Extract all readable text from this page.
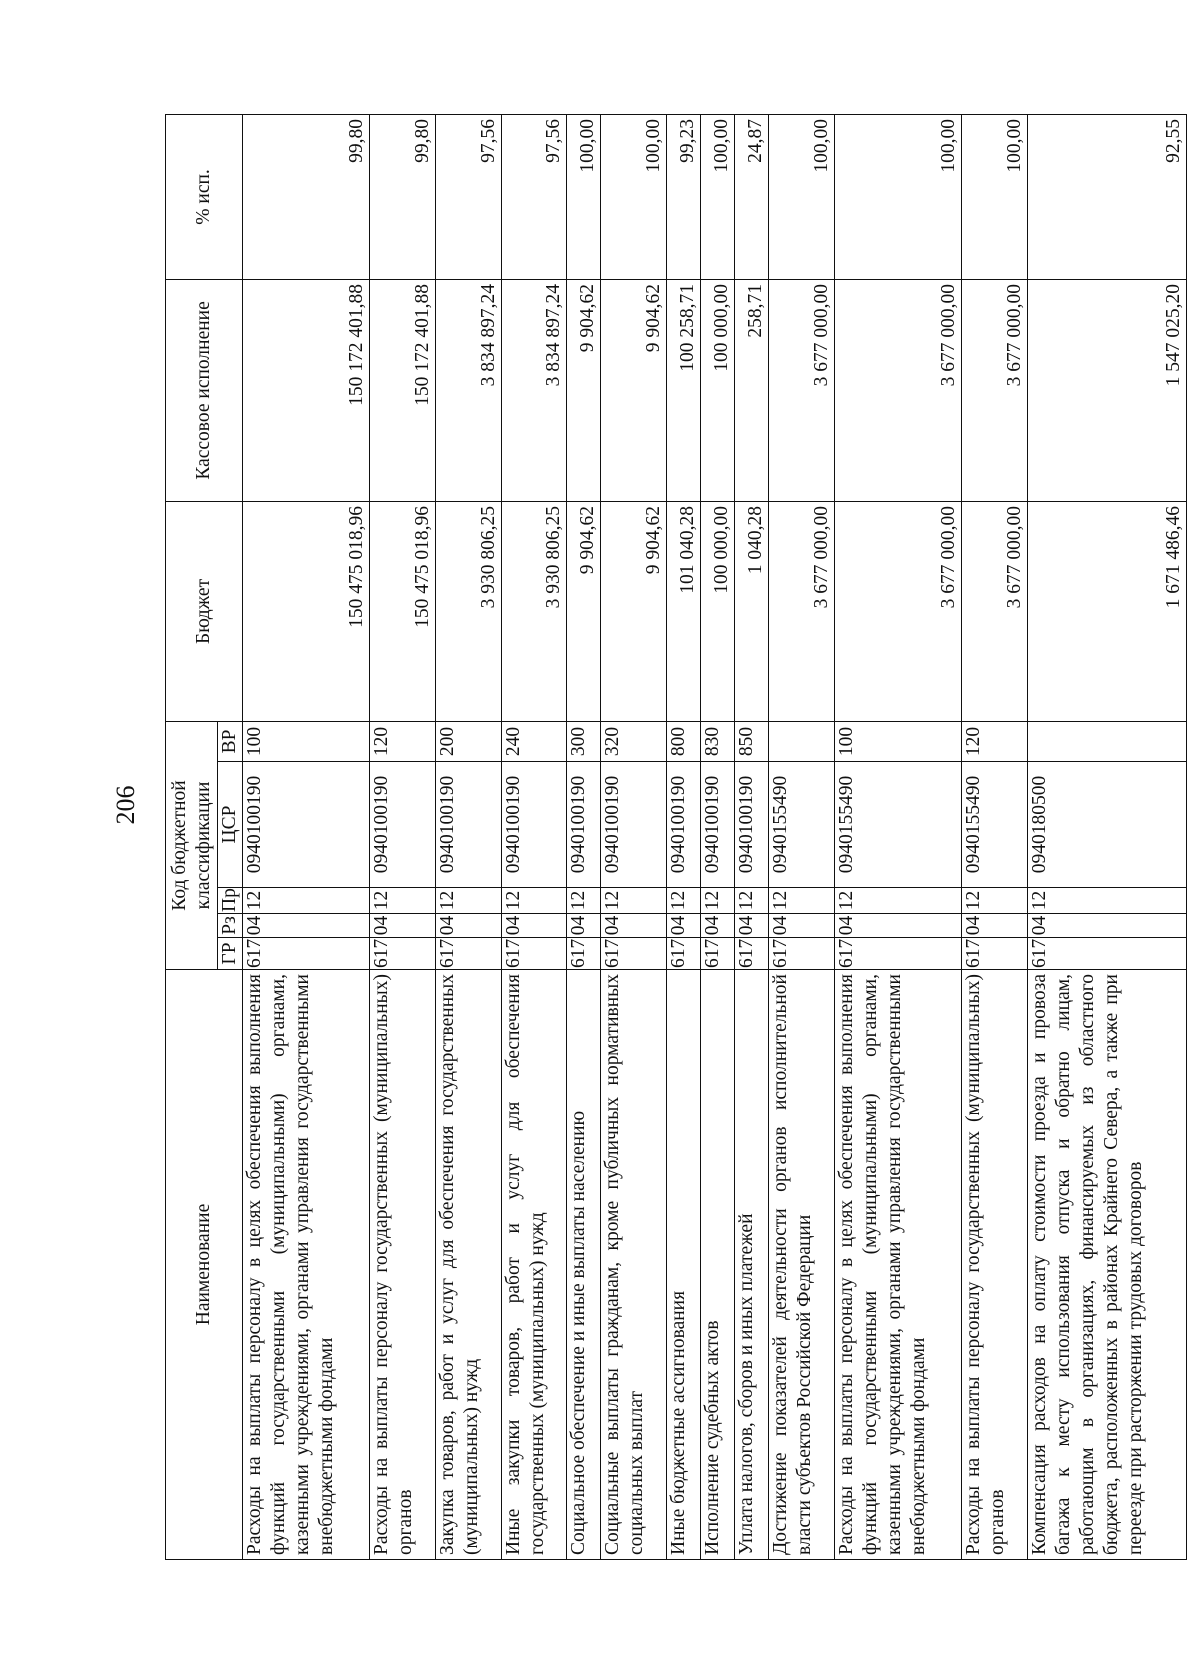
206
Наименование	Код бюджетной классификации					Бюджет	Кассовое исполнение	% исп.
	ГР	Рз	Пр	ЦСР	ВР			
Расходы на выплаты персоналу в целях обеспечения выполнения функций государственными (муниципальными) органами, казенными учреждениями, органами управления государственными внебюджетными фондами	617	04	12	0940100190	100	150 475 018,96	150 172 401,88	99,80
Расходы на выплаты персоналу государственных (муниципальных) органов	617	04	12	0940100190	120	150 475 018,96	150 172 401,88	99,80
Закупка товаров, работ и услуг для обеспечения государственных (муниципальных) нужд	617	04	12	0940100190	200	3 930 806,25	3 834 897,24	97,56
Иные закупки товаров, работ и услуг для обеспечения государственных (муниципальных) нужд	617	04	12	0940100190	240	3 930 806,25	3 834 897,24	97,56
Социальное обеспечение и иные выплаты населению	617	04	12	0940100190	300	9 904,62	9 904,62	100,00
Социальные выплаты гражданам, кроме публичных нормативных социальных выплат	617	04	12	0940100190	320	9 904,62	9 904,62	100,00
Иные бюджетные ассигнования	617	04	12	0940100190	800	101 040,28	100 258,71	99,23
Исполнение судебных актов	617	04	12	0940100190	830	100 000,00	100 000,00	100,00
Уплата налогов, сборов и иных платежей	617	04	12	0940100190	850	1 040,28	258,71	24,87
Достижение показателей деятельности органов исполнительной власти субъектов Российской Федерации	617	04	12	0940155490		3 677 000,00	3 677 000,00	100,00
Расходы на выплаты персоналу в целях обеспечения выполнения функций государственными (муниципальными) органами, казенными учреждениями, органами управления государственными внебюджетными фондами	617	04	12	0940155490	100	3 677 000,00	3 677 000,00	100,00
Расходы на выплаты персоналу государственных (муниципальных) органов	617	04	12	0940155490	120	3 677 000,00	3 677 000,00	100,00
Компенсация расходов на оплату стоимости проезда и провоза багажа к месту использования отпуска и обратно лицам, работающим в организациях, финансируемых из областного бюджета, расположенных в районах Крайнего Севера, а также при переезде при расторжении трудовых договоров	617	04	12	0940180500		1 671 486,46	1 547 025,20	92,55
